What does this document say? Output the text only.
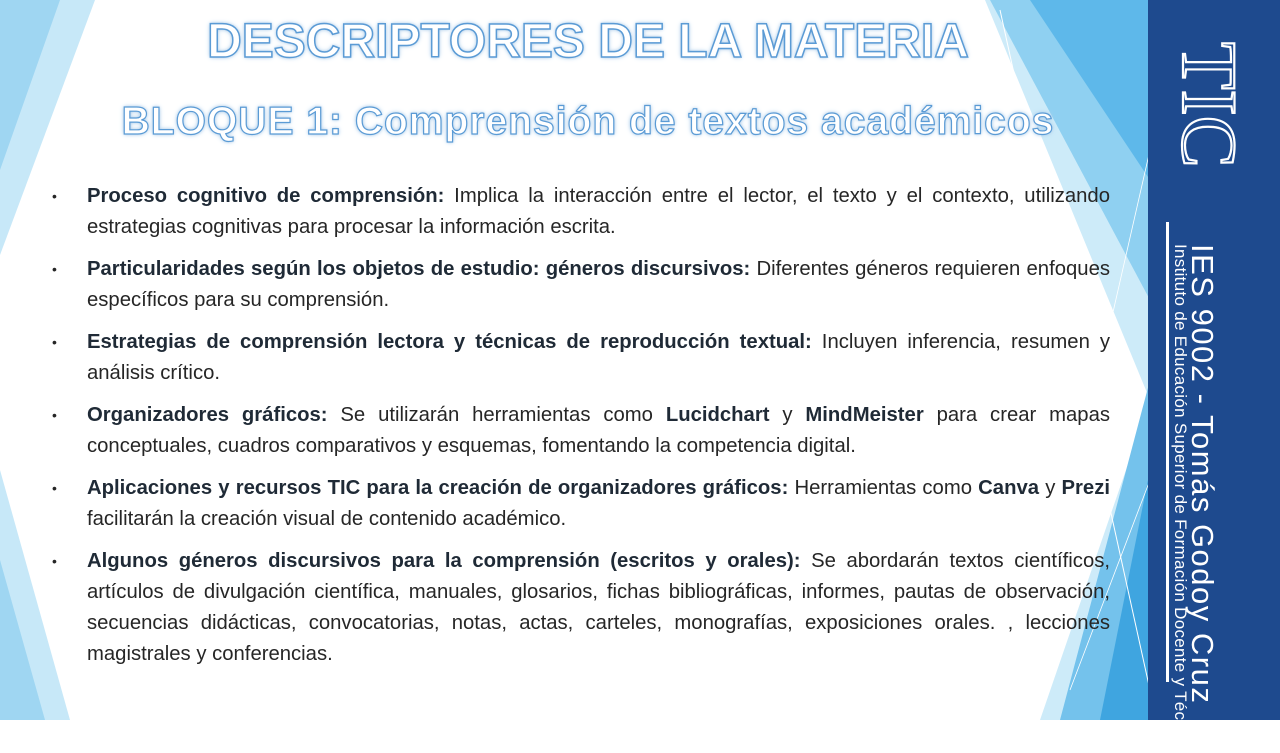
DESCRIPTORES DE LA MATERIA
BLOQUE 1: Comprensión de textos académicos
• Proceso cognitivo de comprensión: Implica la interacción entre el lector, el texto y el contexto, utilizando estrategias cognitivas para procesar la información escrita.
• Particularidades según los objetos de estudio: géneros discursivos: Diferentes géneros requieren enfoques específicos para su comprensión.
• Estrategias de comprensión lectora y técnicas de reproducción textual: Incluyen inferencia, resumen y análisis crítico.
• Organizadores gráficos: Se utilizarán herramientas como Lucidchart y MindMeister para crear mapas conceptuales, cuadros comparativos y esquemas, fomentando la competencia digital.
• Aplicaciones y recursos TIC para la creación de organizadores gráficos: Herramientas como Canva y Prezi facilitarán la creación visual de contenido académico.
• Algunos géneros discursivos para la comprensión (escritos y orales): Se abordarán textos científicos, artículos de divulgación científica, manuales, glosarios, fichas bibliográficas, informes, pautas de observación, secuencias didácticas, convocatorias, notas, actas, carteles, monografías, exposiciones orales. , lecciones magistrales y conferencias.
TIC
IES 9002 - Tomás Godoy Cruz
Instituto de Educación Superior de Formación Docente y Técnica
